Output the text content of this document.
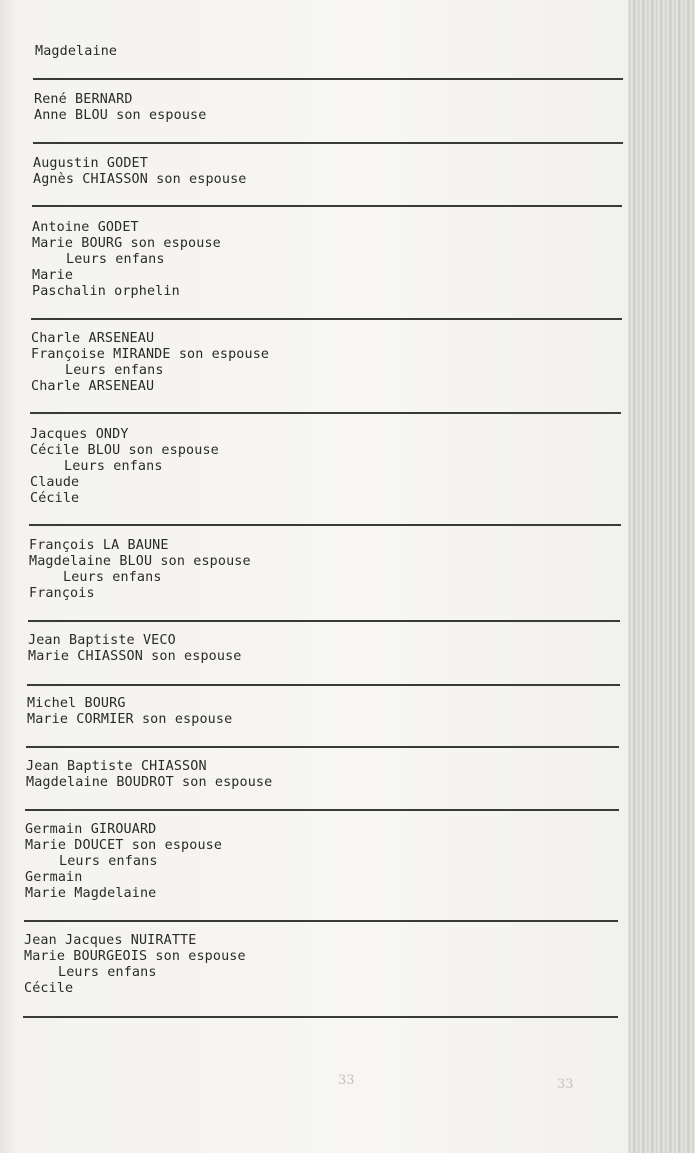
Magdelaine
René BERNARD
Anne BLOU son espouse
Augustin GODET
Agnès CHIASSON son espouse
Antoine GODET
Marie BOURG son espouse
Leurs enfans
Marie
Paschalin orphelin
Charle ARSENEAU
Françoise MIRANDE son espouse
Leurs enfans
Charle ARSENEAU
Jacques ONDY
Cécile BLOU son espouse
Leurs enfans
Claude
Cécile
François LA BAUNE
Magdelaine BLOU son espouse
Leurs enfans
François
Jean Baptiste VECO
Marie CHIASSON son espouse
Michel BOURG
Marie CORMIER son espouse
Jean Baptiste CHIASSON
Magdelaine BOUDROT son espouse
Germain GIROUARD
Marie DOUCET son espouse
Leurs enfans
Germain
Marie Magdelaine
Jean Jacques NUIRATTE
Marie BOURGEOIS son espouse
Leurs enfans
Cécile
33	33
